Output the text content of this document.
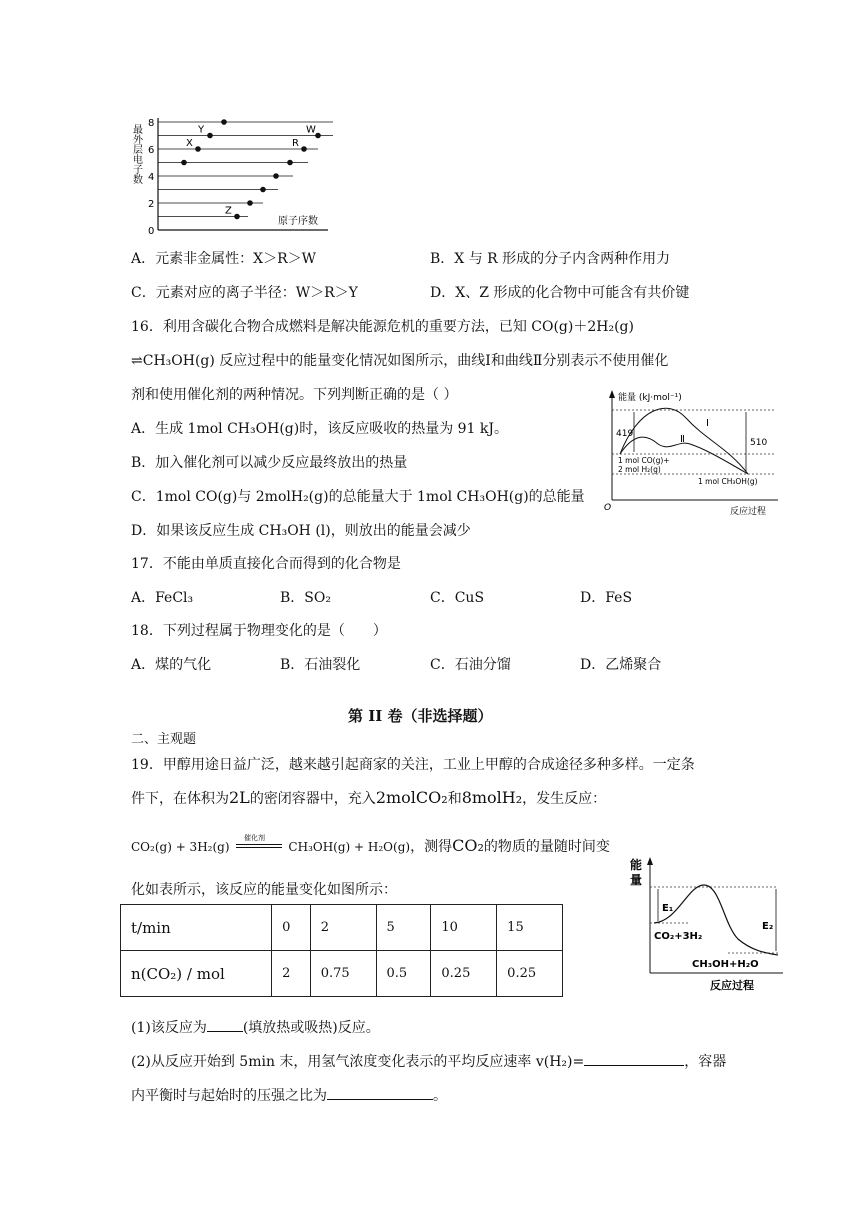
最外层电子数
0
2
4
6
8
Y
X
Z
W
R
原子序数
A．元素非金属性：X＞R＞W	B．X 与 R 形成的分子内含两种作用力
C．元素对应的离子半径：W＞R＞Y	D．X、Z 形成的化合物中可能含有共价键
16．利用含碳化合物合成燃料是解决能源危机的重要方法，已知 CO(g)＋2H₂(g)
⇌CH₃OH(g) 反应过程中的能量变化情况如图所示，曲线Ⅰ和曲线Ⅱ分别表示不使用催化
剂和使用催化剂的两种情况。下列判断正确的是（ ）
A．生成 1mol CH₃OH(g)时，该反应吸收的热量为 91 kJ。
B．加入催化剂可以减少反应最终放出的热量
C．1mol CO(g)与 2molH₂(g)的总能量大于 1mol CH₃OH(g)的总能量
D．如果该反应生成 CH₃OH (l)，则放出的能量会减少
能量 (kJ·mol⁻¹)
O	反应过程
419
510
Ⅰ
Ⅱ
1 mol CO(g)+
2 mol H₂(g)
1 mol CH₃OH(g)
17．不能由单质直接化合而得到的化合物是
A．FeCl₃	B．SO₂	C．CuS	D．FeS
18．下列过程属于物理变化的是（　　）
A．煤的气化	B．石油裂化	C．石油分馏	D．乙烯聚合
第 II 卷（非选择题）
二、主观题
19．甲醇用途日益广泛，越来越引起商家的关注，工业上甲醇的合成途径多种多样。一定条
件下，在体积为2L的密闭容器中，充入2molCO₂和8molH₂，发生反应：
CO₂(g) + 3H₂(g)
催化剂
CH₃OH(g) + H₂O(g)，测得CO₂的物质的量随时间变
化如表所示，该反应的能量变化如图所示：
t/min	0	2	5	10	15
n(CO₂) / mol	2	0.75	0.5	0.25	0.25
能
量
E₁
E₂
CO₂+3H₂
CH₃OH+H₂O
反应过程
(1)该反应为	(填放热或吸热)反应。
(2)从反应开始到 5min 末，用氢气浓度变化表示的平均反应速率 v(H₂)=	，容器
内平衡时与起始时的压强之比为	。
